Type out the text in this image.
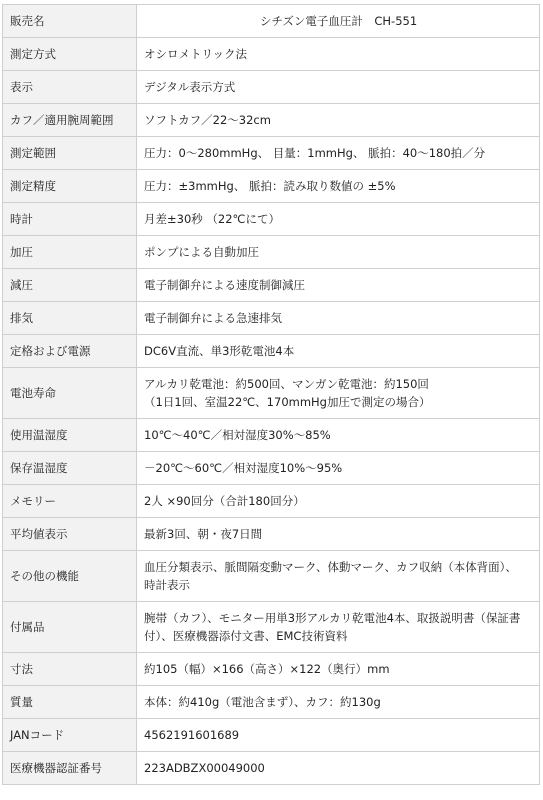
販売名	シチズン電子血圧計　CH-551
測定方式	オシロメトリック法

表示	デジタル表示方式

カフ／適用腕周範囲	ソフトカフ／22～32cm

測定範囲	圧力：0～280mmHg、 目量：1mmHg、 脈拍：40～180拍／分

測定精度	圧力：±3mmHg、 脈拍：読み取り数値の ±5%

時計	月差±30秒 （22℃にて）

加圧	ポンプによる自動加圧

減圧	電子制御弁による速度制御減圧

排気	電子制御弁による急速排気

定格および電源	DC6V直流、単3形乾電池4本

電池寿命	アルカリ乾電池：約500回、マンガン乾電池：約150回
（1日1回、室温22℃、170mmHg加圧で測定の場合）

使用温湿度	10℃～40℃／相対湿度30%～85%

保存温湿度	－20℃～60℃／相対湿度10%～95%

メモリー	2人 ×90回分（合計180回分）

平均値表示	最新3回、朝・夜7日間

その他の機能	血圧分類表示、脈間隔変動マーク、体動マーク、カフ収納（本体背面）、
時計表示

付属品	腕帯（カフ）、モニター用単3形アルカリ乾電池4本、取扱説明書（保証書
付）、医療機器添付文書、EMC技術資料

寸法	約105（幅）×166（高さ）×122（奥行）mm

質量	本体：約410g（電池含まず）、カフ：約130g

JANコード	4562191601689

医療機器認証番号	223ADBZX00049000
